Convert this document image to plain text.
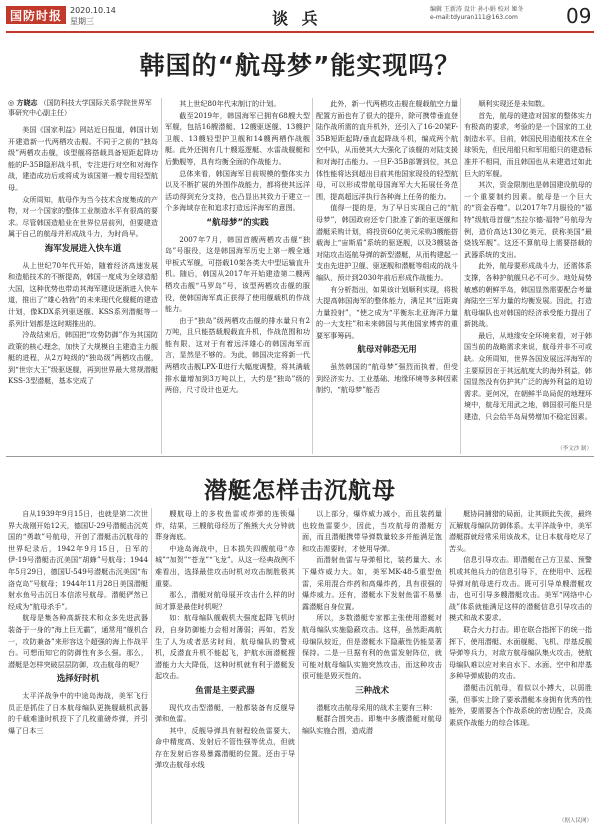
国防时报	2020.10.14
星期三	谈 兵	编辑 王新涛 设计 孙小娟 校对 姬冬
e-mail:tdyuran111@163.com	09
韩国的“航母梦”能实现吗？
◎ 方晓志 （国防科技大学国际关系学院世界军事研究中心副主任）

美国《国家利益》网站近日报道，韩国计划开建造新一代两栖攻击舰。不同于之前的“独岛级”两栖攻击舰，该型舰将搭载具备短距起降功能的F-35B隐形战斗机，专注进行对空和对海作战，建造成功后或将成为该国第一艘专用轻型航母。

众所周知，航母作为当今技术含度集成的产物，对一个国家的整体工业制造水平有很高的要求。尽管韩国造船业在世界位居前列，但要建造属于自己的航母并形成战斗力，为时尚早。

海军发展进入快车道

从上世纪70年代开始，随着经济高速发展和造船技术的不断提高，韩国一度成为全球造船大国，这种优势也带动其海军建设逐渐进入快车道，推出了“雄心勃勃”的未来现代化舰艇的建造计划，像KDX系列驱逐舰、KSS系列潜艇等一系列计划都是这时期推出的。

冷战结束后，韩国把“攻势防御”作为其国防政策的核心理念，加快了大规模自主建造主力舰艇的进程，从2万吨级的“独岛级”两栖攻击舰，到“世宗大王”级驱逐舰，再到世界最大常规潜艇KSS-3型潜艇，基本完成了

其上世纪80年代末制订的计划。

截至2019年，韩国海军已拥有68艘大型军舰，包括16艘潜艇、12艘驱逐舰、13艘护卫舰、13艘轻型护卫舰和14艘两栖作战舰艇。此外还拥有几十艘巡逻艇、水雷战舰艇和后勤舰等，具有均衡全面的作战能力。

总体来看，韩国海军目前规模的整体实力以及不断扩展的外围作战能力，都将使其远洋活动得到充分支持，也凸显出其致力于建立一个多海域存在和追求打造远洋海军的意图。

“航母梦”的实践

2007年7月，韩国首艘两栖攻击舰“独岛”号服役，这是韩国海军历史上第一艘全通甲板式军舰，可搭载10架各类大中型运输直升机。随后，韩国从2017年开始建造第二艘两栖攻击舰“马罗岛”号，该型两栖攻击舰的服役，使韩国海军真正获得了使用舰载机的作战能力。

由于“独岛”级两栖攻击舰的排水量只有2万吨，且只能搭载舰载直升机，作战范围和功能有限，这对于有着远洋雄心的韩国海军而言，显然是不够的。为此，韩国决定将新一代两栖攻击舰LPX-Ⅱ进行大幅度调整，将其满载排水量增加到3万吨以上，大约是“独岛”级的两倍，尺寸设计也更大。

此外，新一代两栖攻击舰在舰载航空力量配置方面也有了很大的提升，除可携带垂直登陆作战所需的直升机外，还引入了16-20架F-35B短距起降/垂直起降战斗机，编成两个航空中队，从而使其大大强化了该舰的对陆支援和对海打击能力。一旦F-35B部署到位，其总体性能将达到超出目前其他国家现役的轻型航母，可以形成带航母国海军大大拓展任务范围，提高超远洋执行各种海上任务的能力。

值得一提的是，为了早日实现自己的“航母梦”，韩国政府还专门批准了新的驱逐舰和潜艇采购计划，将投资60亿美元采购3艘能搭载海上“宙斯盾”系统的驱逐舰，以及3艘装备对陆攻击巡航导弹的新型潜艇，从而构建起一支由先进护卫舰、驱逐舰和潜艇等组成的战斗编队，预计到2030年前后形成作战能力。

有分析指出，如果该计划顺利实现，将极大提高韩国海军的整体能力，满足其“远距离力量投射”，“使之成为“平衡东北亚海洋力量的一大支柱”和未来韩国与其他国家博弈的重要军事筹码。

航母对韩恐无用

虽然韩国的“航母梦”强烈而执着，但受到经济实力、工业基础、地缘环境等多种因素制约，“航母梦”能否

顺利实现还是未知数。

首先，航母的建造对国家的整体实力有极高的要求，考验的是一个国家的工业制造水平。目前，韩国民用造船技术在全球领先，但民用船只和军用船只的建造标准并不相同，而且韩国也从未建造过如此巨大的军舰。

其次，资金限制也是韩国建设航母的一个重要制约因素。航母是一个巨大的“资金吞噬”。以2017年7月服役的“福特”级航母首舰“杰拉尔德·福特”号航母为例，造价高达130亿美元，获称美国“最烧钱军舰”。这还不算航母上需要搭载的武器系统的支出。

此外，航母要形成战斗力，还需体系支撑，各种护航舰只必不可少。地处局势敏感的朝鲜半岛，韩国显然需要配合考量海陆空三军力量的均衡发展。因此，打造航母编队也对韩国的经济承受能力提出了新挑战。

最后，从地缘安全环境来看，对于韩国当前的战略需求来说，航母并非不可或缺。众所周知，世界各国发展远洋海军的主要原因在于其远航度大的海外利益，韩国显然没有仿护其广泛的海外利益的迫切需求。更何况，在朝鲜半岛局促的地理环境中，航母无用武之地，韩国很可能只是建造，只会给半岛局势增加不稳定因素。

（李文沙 制）
潜艇怎样击沉航母

自从1939年9月15日，也就是第二次世界大战刚开始12天，德国U-29号潜艇击沉英国的“勇敢”号航母，开创了潜艇击沉航母的世界纪录后，1942年9月15日，日军的伊-19号潜艇击沉美国“胡蜂”号航母；1944年5月29日，德国U-549号潜艇击沉美国“布洛克岛”号航母；1944年11月28日美国潜艇射水鱼号击沉日本信浓号航母。潜艇俨然已经成为“航母杀手”。

航母是集各种高新技术和众多先进武器装备于一身的“海上巨无霸”，通常用“舰机合一，攻防兼备”来形容这个超强的海上作战平台。可想而知它的防御性有多么强。那么，潜艇是怎样突破层层防御，攻击航母的呢？

选择好时机

太平洋战争中的中途岛海战，美军飞行员正是抓住了日本航母编队更换舰载机武器的千载难逢时机投下了几枚重磅炸弹，并引爆了日本三

艘航母上的多枚鱼雷或炸弹的连锁爆炸，结果，三艘航母经历了熊熊大火分钟就葬身海底。

中途岛海战中，日本损失四艘航母“赤城”“加贺”“苍龙”“飞龙”。从这一经典战例不难看出，选择最佳攻击时机对攻击制胜极其重要。

那么，潜艇对航母展开攻击什么样的时间才算是最佳时机呢？

如：航母编队舰载机大强度起降飞机时段，自身防御能力会相对薄弱；再如，若发生了人为或者恶劣时间，航母编队的警戒机，反潜直升机不能起飞，护航水面潜艇搜潜能力大大降低，这种时机就有利于潜艇发起攻击。

鱼雷是主要武器

现代攻击型潜艇，一般都装备有反舰导弹和鱼雷。

其中，反舰导弹具有射程较鱼雷要大、命中精度高、发射后不管性强等优点，但就存在发射后容易暴露潜艇的位置。还由于导弹攻击航母水线

以上部分，爆炸威力减小，而且装药量也较鱼雷要少，因此，当攻航母的潜艇方面，而且潜艇携带导弹数量较多并能满足饱和攻击需要时，才使用导弹。

而潜射鱼雷与导弹相比，装药量大、水下爆炸威力大。如，美军MK-48-5重型鱼雷，采用混合炸药和高爆炸药，具有很强的爆炸威力。还有，潜艇水下发射鱼雷不易暴露潜艇自身位置。

所以，多数潜艇专家都主张使用潜艇对航母编队实施隐蔽攻击。这样，虽然距离航母编队较近，但是潜艇水下隐蔽性仍能显著保持。二是一旦据有利的鱼雷发射阵位，就可能对航母编队实施突然攻击，而这种攻击很可能是毁灭性的。

三种战术

潜艇攻击航母采用的战术主要有三种：

艇群合围突击。即集中多艘潜艇对航母编队实施合围，造成潜

艇协同捕猎的局面，让其顾此失彼，最终瓦解航母编队防御体系。太平洋战争中，美军潜艇群就经常采用该战术，让日本航母吃尽了苦头。

信息引导攻击。即潜艇在己方卫星、预警机或其他兵力的信息引导下，在使用中、远程导弹对航母进行攻击。既可引导单艘潜艇攻击，也可引导多艘潜艇攻击。美军“网络中心战”体系就能满足这样的潜艇信息引导攻击的模式和战术要求。

联合火力打击。即在联合指挥下的统一指挥下，使用潜艇、水面舰艇、飞机、岸基反舰导弹等兵力，对敌方航母编队集火攻击，使航母编队难以应对来自水下、水面、空中和岸基多种导弹威胁的攻击。

潜艇击沉航母，看似以小搏大，以弱胜强，但事实上除了要承潜艇本身拥有优秀的性能外，要需要各个作战系统的密切配合，及高素质作战能力的综合体现。

（据人民网）
